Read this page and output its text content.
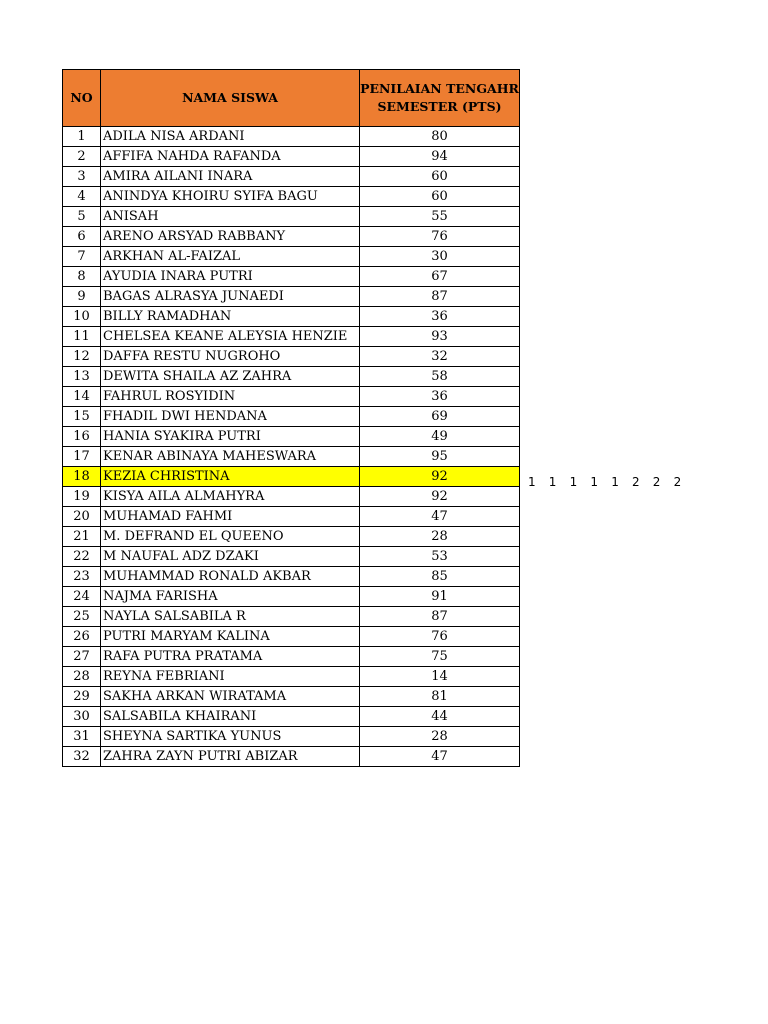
NO	NAMA SISWA	PENILAIAN TENGAHR
SEMESTER (PTS)
1	ADILA NISA ARDANI	80
2	AFFIFA NAHDA RAFANDA	94
3	AMIRA AILANI INARA	60
4	ANINDYA KHOIRU SYIFA BAGU	60
5	ANISAH	55
6	ARENO ARSYAD RABBANY	76
7	ARKHAN AL-FAIZAL	30
8	AYUDIA INARA PUTRI	67
9	BAGAS ALRASYA JUNAEDI	87
10	BILLY RAMADHAN	36
11	CHELSEA KEANE ALEYSIA HENZIE	93
12	DAFFA RESTU NUGROHO	32
13	DEWITA SHAILA AZ ZAHRA	58
14	FAHRUL ROSYIDIN	36
15	FHADIL DWI HENDANA	69
16	HANIA SYAKIRA PUTRI	49
17	KENAR ABINAYA MAHESWARA	95
18	KEZIA CHRISTINA	92
19	KISYA AILA ALMAHYRA	92
20	MUHAMAD FAHMI	47
21	M. DEFRAND EL QUEENO	28
22	M NAUFAL ADZ DZAKI	53
23	MUHAMMAD RONALD AKBAR	85
24	NAJMA FARISHA	91
25	NAYLA SALSABILA R	87
26	PUTRI MARYAM KALINA	76
27	RAFA PUTRA PRATAMA	75
28	REYNA FEBRIANI	14
29	SAKHA ARKAN WIRATAMA	81
30	SALSABILA KHAIRANI	44
31	SHEYNA SARTIKA YUNUS	28
32	ZAHRA ZAYN PUTRI ABIZAR	47
1	1	1	1	1	2	2	2
